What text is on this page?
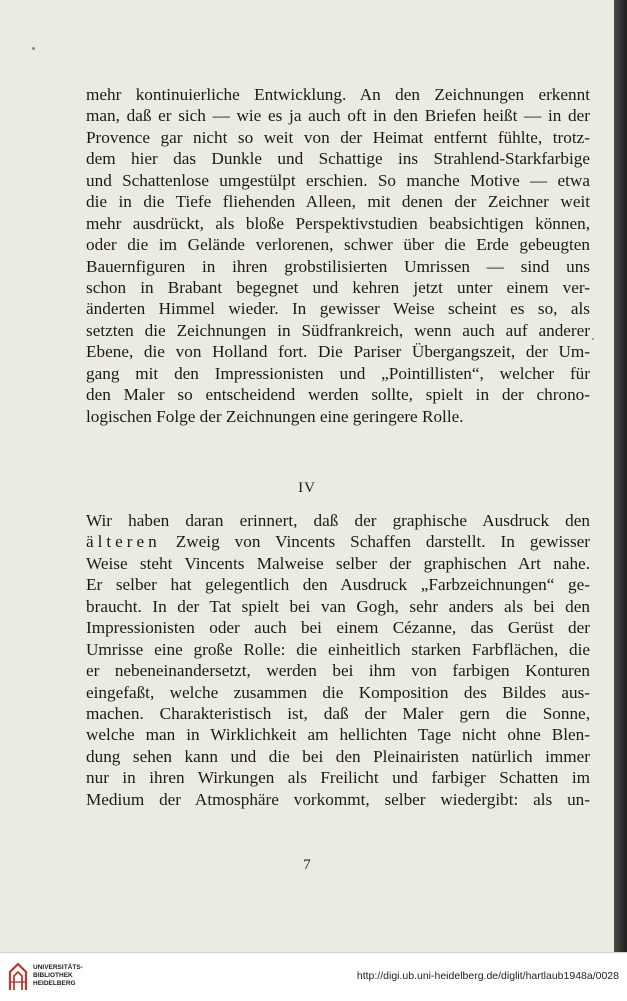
mehr kontinuierliche Entwicklung. An den Zeichnungen erkennt
man, daß er sich — wie es ja auch oft in den Briefen heißt — in der
Provence gar nicht so weit von der Heimat entfernt fühlte, trotz-
dem hier das Dunkle und Schattige ins Strahlend-Starkfarbige
und Schattenlose umgestülpt erschien. So manche Motive — etwa
die in die Tiefe fliehenden Alleen, mit denen der Zeichner weit
mehr ausdrückt, als bloße Perspektivstudien beabsichtigen können,
oder die im Gelände verlorenen, schwer über die Erde gebeugten
Bauernfiguren in ihren grobstilisierten Umrissen — sind uns
schon in Brabant begegnet und kehren jetzt unter einem ver-
änderten Himmel wieder. In gewisser Weise scheint es so, als
setzten die Zeichnungen in Südfrankreich, wenn auch auf anderer
Ebene, die von Holland fort. Die Pariser Übergangszeit, der Um-
gang mit den Impressionisten und „Pointillisten“, welcher für
den Maler so entscheidend werden sollte, spielt in der chrono-
logischen Folge der Zeichnungen eine geringere Rolle.
IV
Wir haben daran erinnert, daß der graphische Ausdruck den
älteren Zweig von Vincents Schaffen darstellt. In gewisser
Weise steht Vincents Malweise selber der graphischen Art nahe.
Er selber hat gelegentlich den Ausdruck „Farbzeichnungen“ ge-
braucht. In der Tat spielt bei van Gogh, sehr anders als bei den
Impressionisten oder auch bei einem Cézanne, das Gerüst der
Umrisse eine große Rolle: die einheitlich starken Farbflächen, die
er nebeneinandersetzt, werden bei ihm von farbigen Konturen
eingefaßt, welche zusammen die Komposition des Bildes aus-
machen. Charakteristisch ist, daß der Maler gern die Sonne,
welche man in Wirklichkeit am hellichten Tage nicht ohne Blen-
dung sehen kann und die bei den Pleinairisten natürlich immer
nur in ihren Wirkungen als Freilicht und farbiger Schatten im
Medium der Atmosphäre vorkommt, selber wiedergibt: als un-
7
UNIVERSITÄTS-
BIBLIOTHEK
HEIDELBERG
http://digi.ub.uni-heidelberg.de/diglit/hartlaub1948a/0028
